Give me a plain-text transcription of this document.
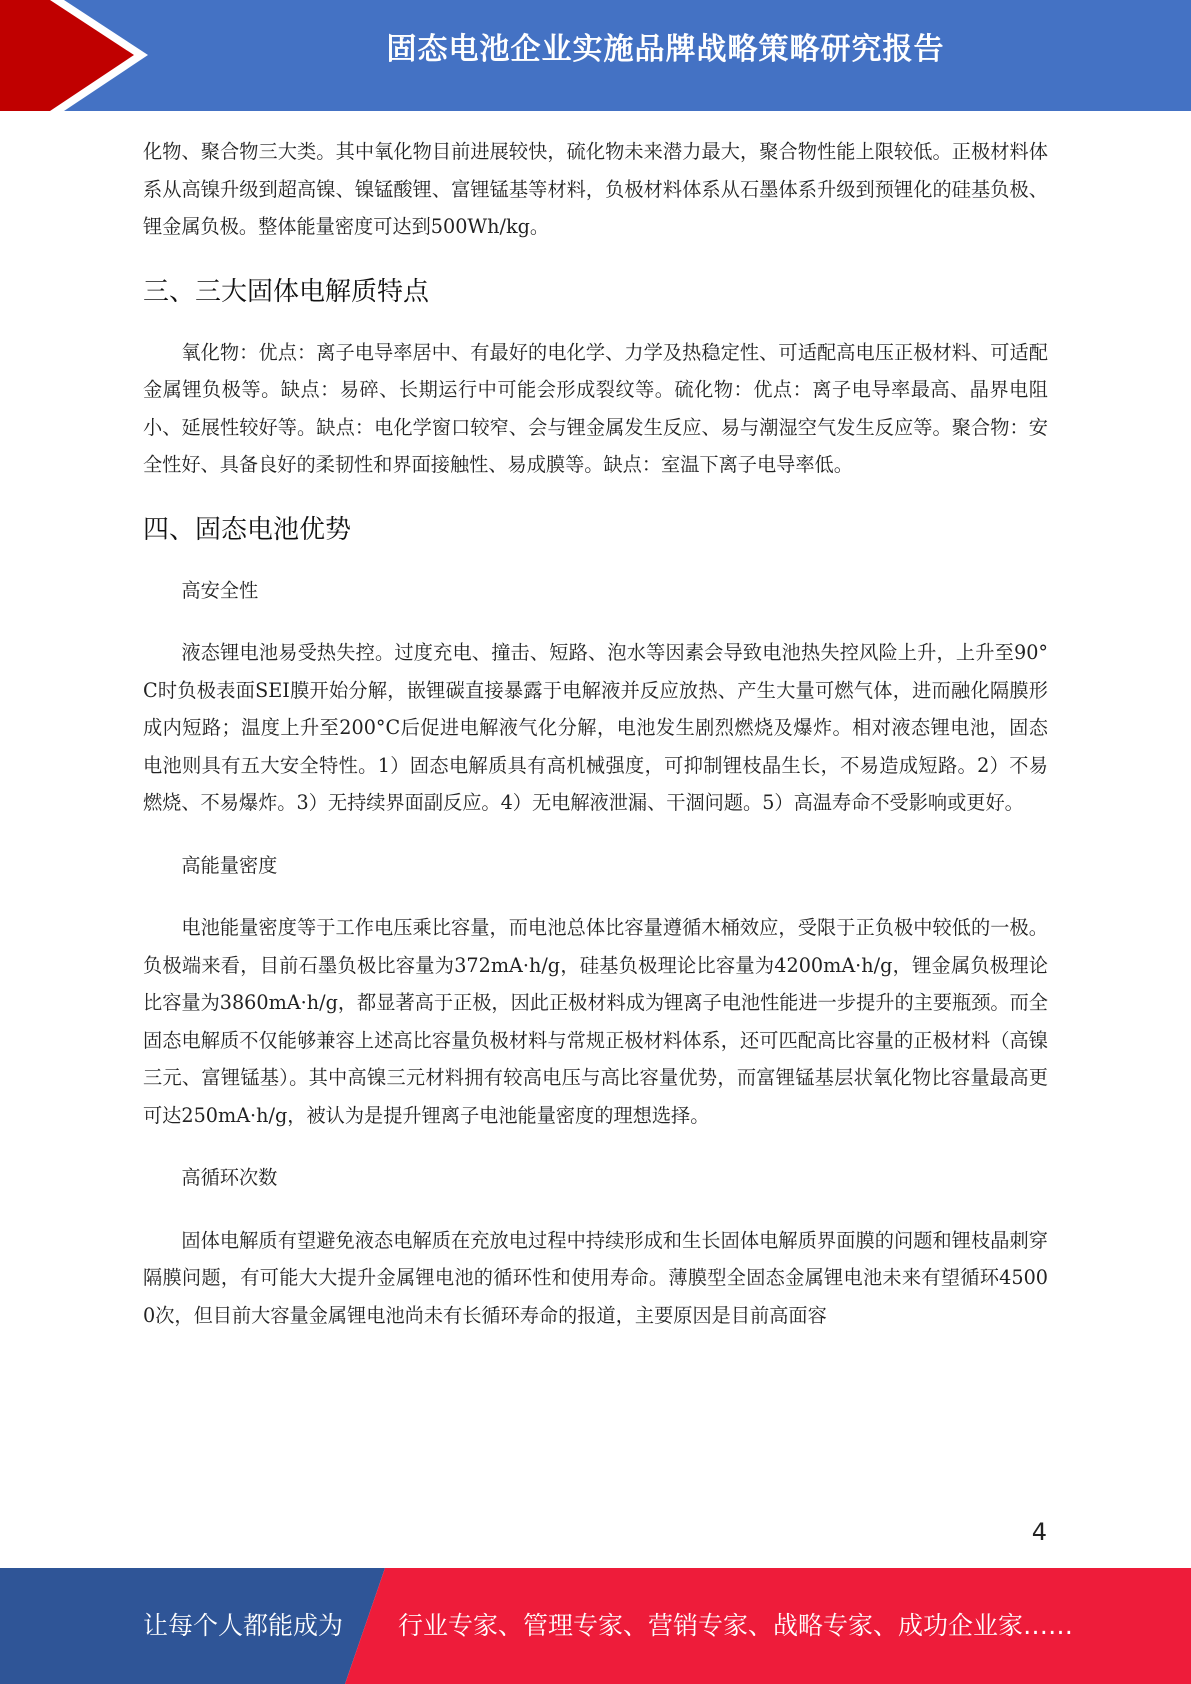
固态电池企业实施品牌战略策略研究报告

化物、聚合物三大类。其中氧化物目前进展较快，硫化物未来潜力最大，聚合物性能上限较低。正极材料体系从高镍升级到超高镍、镍锰酸锂、富锂锰基等材料，负极材料体系从石墨体系升级到预锂化的硅基负极、锂金属负极。整体能量密度可达到500Wh/kg。

三、三大固体电解质特点

氧化物：优点：离子电导率居中、有最好的电化学、力学及热稳定性、可适配高电压正极材料、可适配金属锂负极等。缺点：易碎、长期运行中可能会形成裂纹等。硫化物：优点：离子电导率最高、晶界电阻小、延展性较好等。缺点：电化学窗口较窄、会与锂金属发生反应、易与潮湿空气发生反应等。聚合物：安全性好、具备良好的柔韧性和界面接触性、易成膜等。缺点：室温下离子电导率低。

四、固态电池优势

高安全性

液态锂电池易受热失控。过度充电、撞击、短路、泡水等因素会导致电池热失控风险上升，上升至90°C时负极表面SEI膜开始分解，嵌锂碳直接暴露于电解液并反应放热、产生大量可燃气体，进而融化隔膜形成内短路；温度上升至200°C后促进电解液气化分解，电池发生剧烈燃烧及爆炸。相对液态锂电池，固态电池则具有五大安全特性。1）固态电解质具有高机械强度，可抑制锂枝晶生长，不易造成短路。2）不易燃烧、不易爆炸。3）无持续界面副反应。4）无电解液泄漏、干涸问题。5）高温寿命不受影响或更好。

高能量密度

电池能量密度等于工作电压乘比容量，而电池总体比容量遵循木桶效应，受限于正负极中较低的一极。负极端来看，目前石墨负极比容量为372mA·h/g，硅基负极理论比容量为4200mA·h/g，锂金属负极理论比容量为3860mA·h/g，都显著高于正极，因此正极材料成为锂离子电池性能进一步提升的主要瓶颈。而全固态电解质不仅能够兼容上述高比容量负极材料与常规正极材料体系，还可匹配高比容量的正极材料（高镍三元、富锂锰基）。其中高镍三元材料拥有较高电压与高比容量优势，而富锂锰基层状氧化物比容量最高更可达250mA·h/g，被认为是提升锂离子电池能量密度的理想选择。

高循环次数

固体电解质有望避免液态电解质在充放电过程中持续形成和生长固体电解质界面膜的问题和锂枝晶刺穿隔膜问题，有可能大大提升金属锂电池的循环性和使用寿命。薄膜型全固态金属锂电池未来有望循环45000次，但目前大容量金属锂电池尚未有长循环寿命的报道，主要原因是目前高面容

4
让每个人都能成为 行业专家、管理专家、营销专家、战略专家、成功企业家……
